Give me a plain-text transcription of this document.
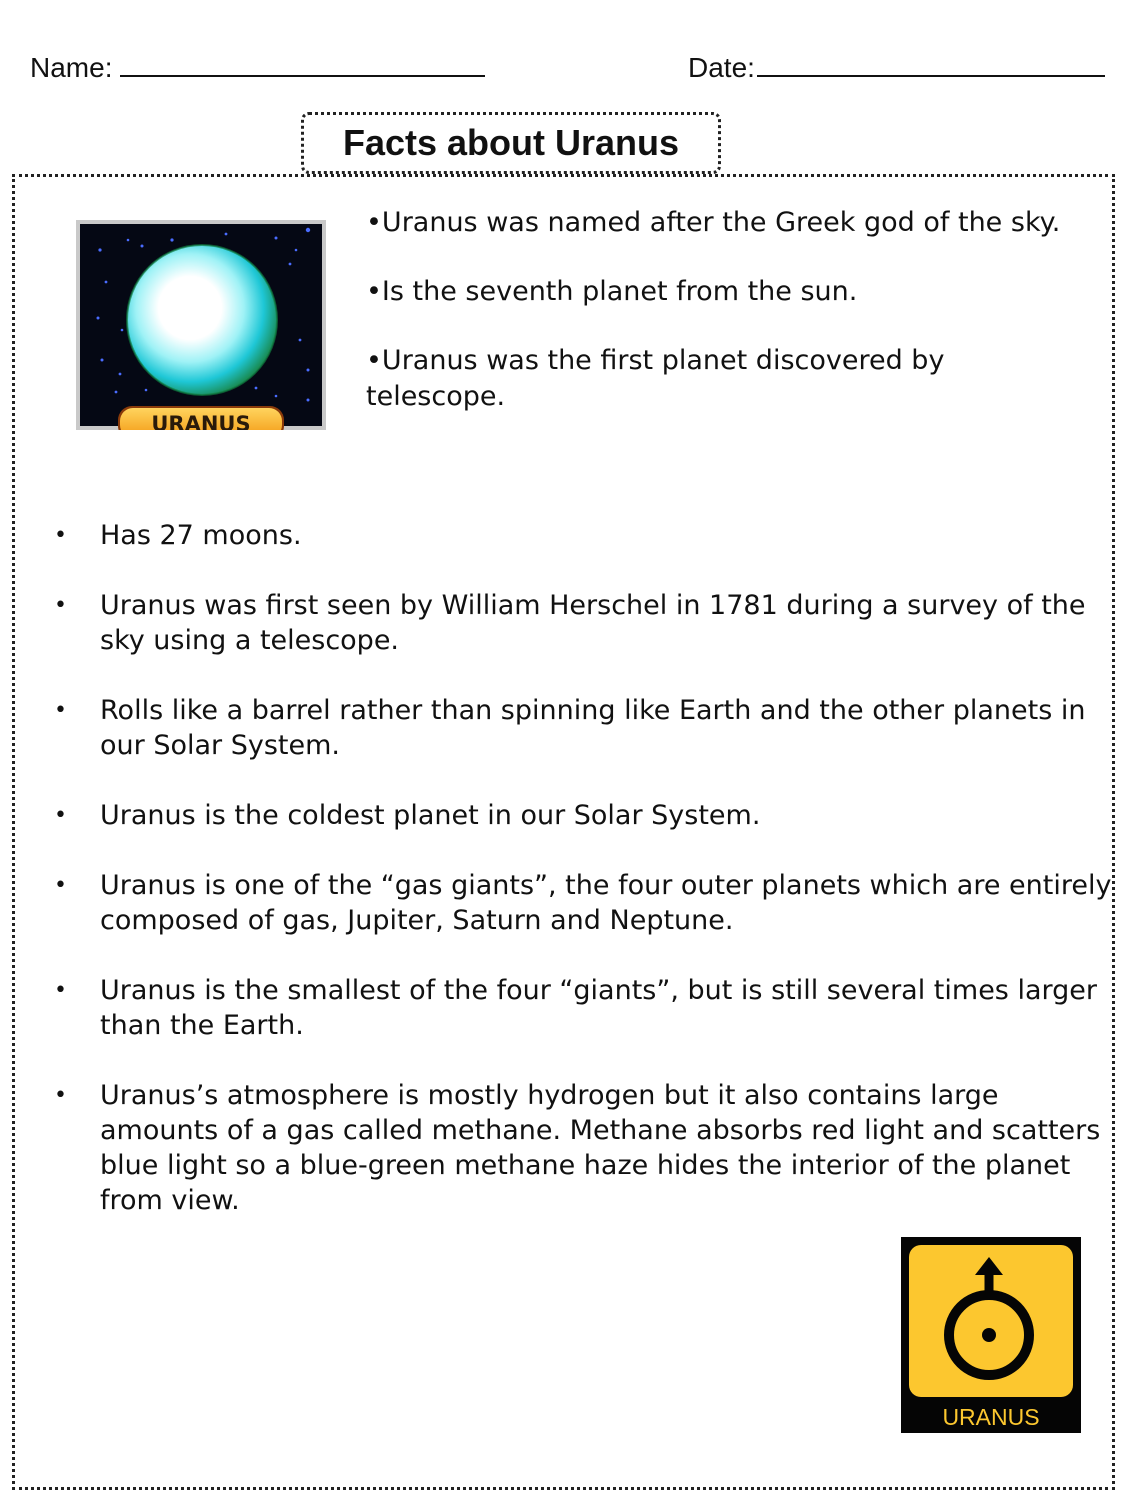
Name:	Date:
Facts about Uranus
URANUS

•Uranus was named after the Greek god of the sky.

•Is the seventh planet from the sun.

•Uranus was the first planet discovered by telescope.

• Has 27 moons.
• Uranus was first seen by William Herschel in 1781 during a survey of the sky using a telescope.
• Rolls like a barrel rather than spinning like Earth and the other planets in our Solar System.
• Uranus is the coldest planet in our Solar System.
• Uranus is one of the “gas giants”, the four outer planets which are entirely composed of gas, Jupiter, Saturn and Neptune.
• Uranus is the smallest of the four “giants”, but is still several times larger than the Earth.
• Uranus’s atmosphere is mostly hydrogen but it also contains large amounts of a gas called methane. Methane absorbs red light and scatters blue light so a blue-green methane haze hides the interior of the planet from view.
URANUS
